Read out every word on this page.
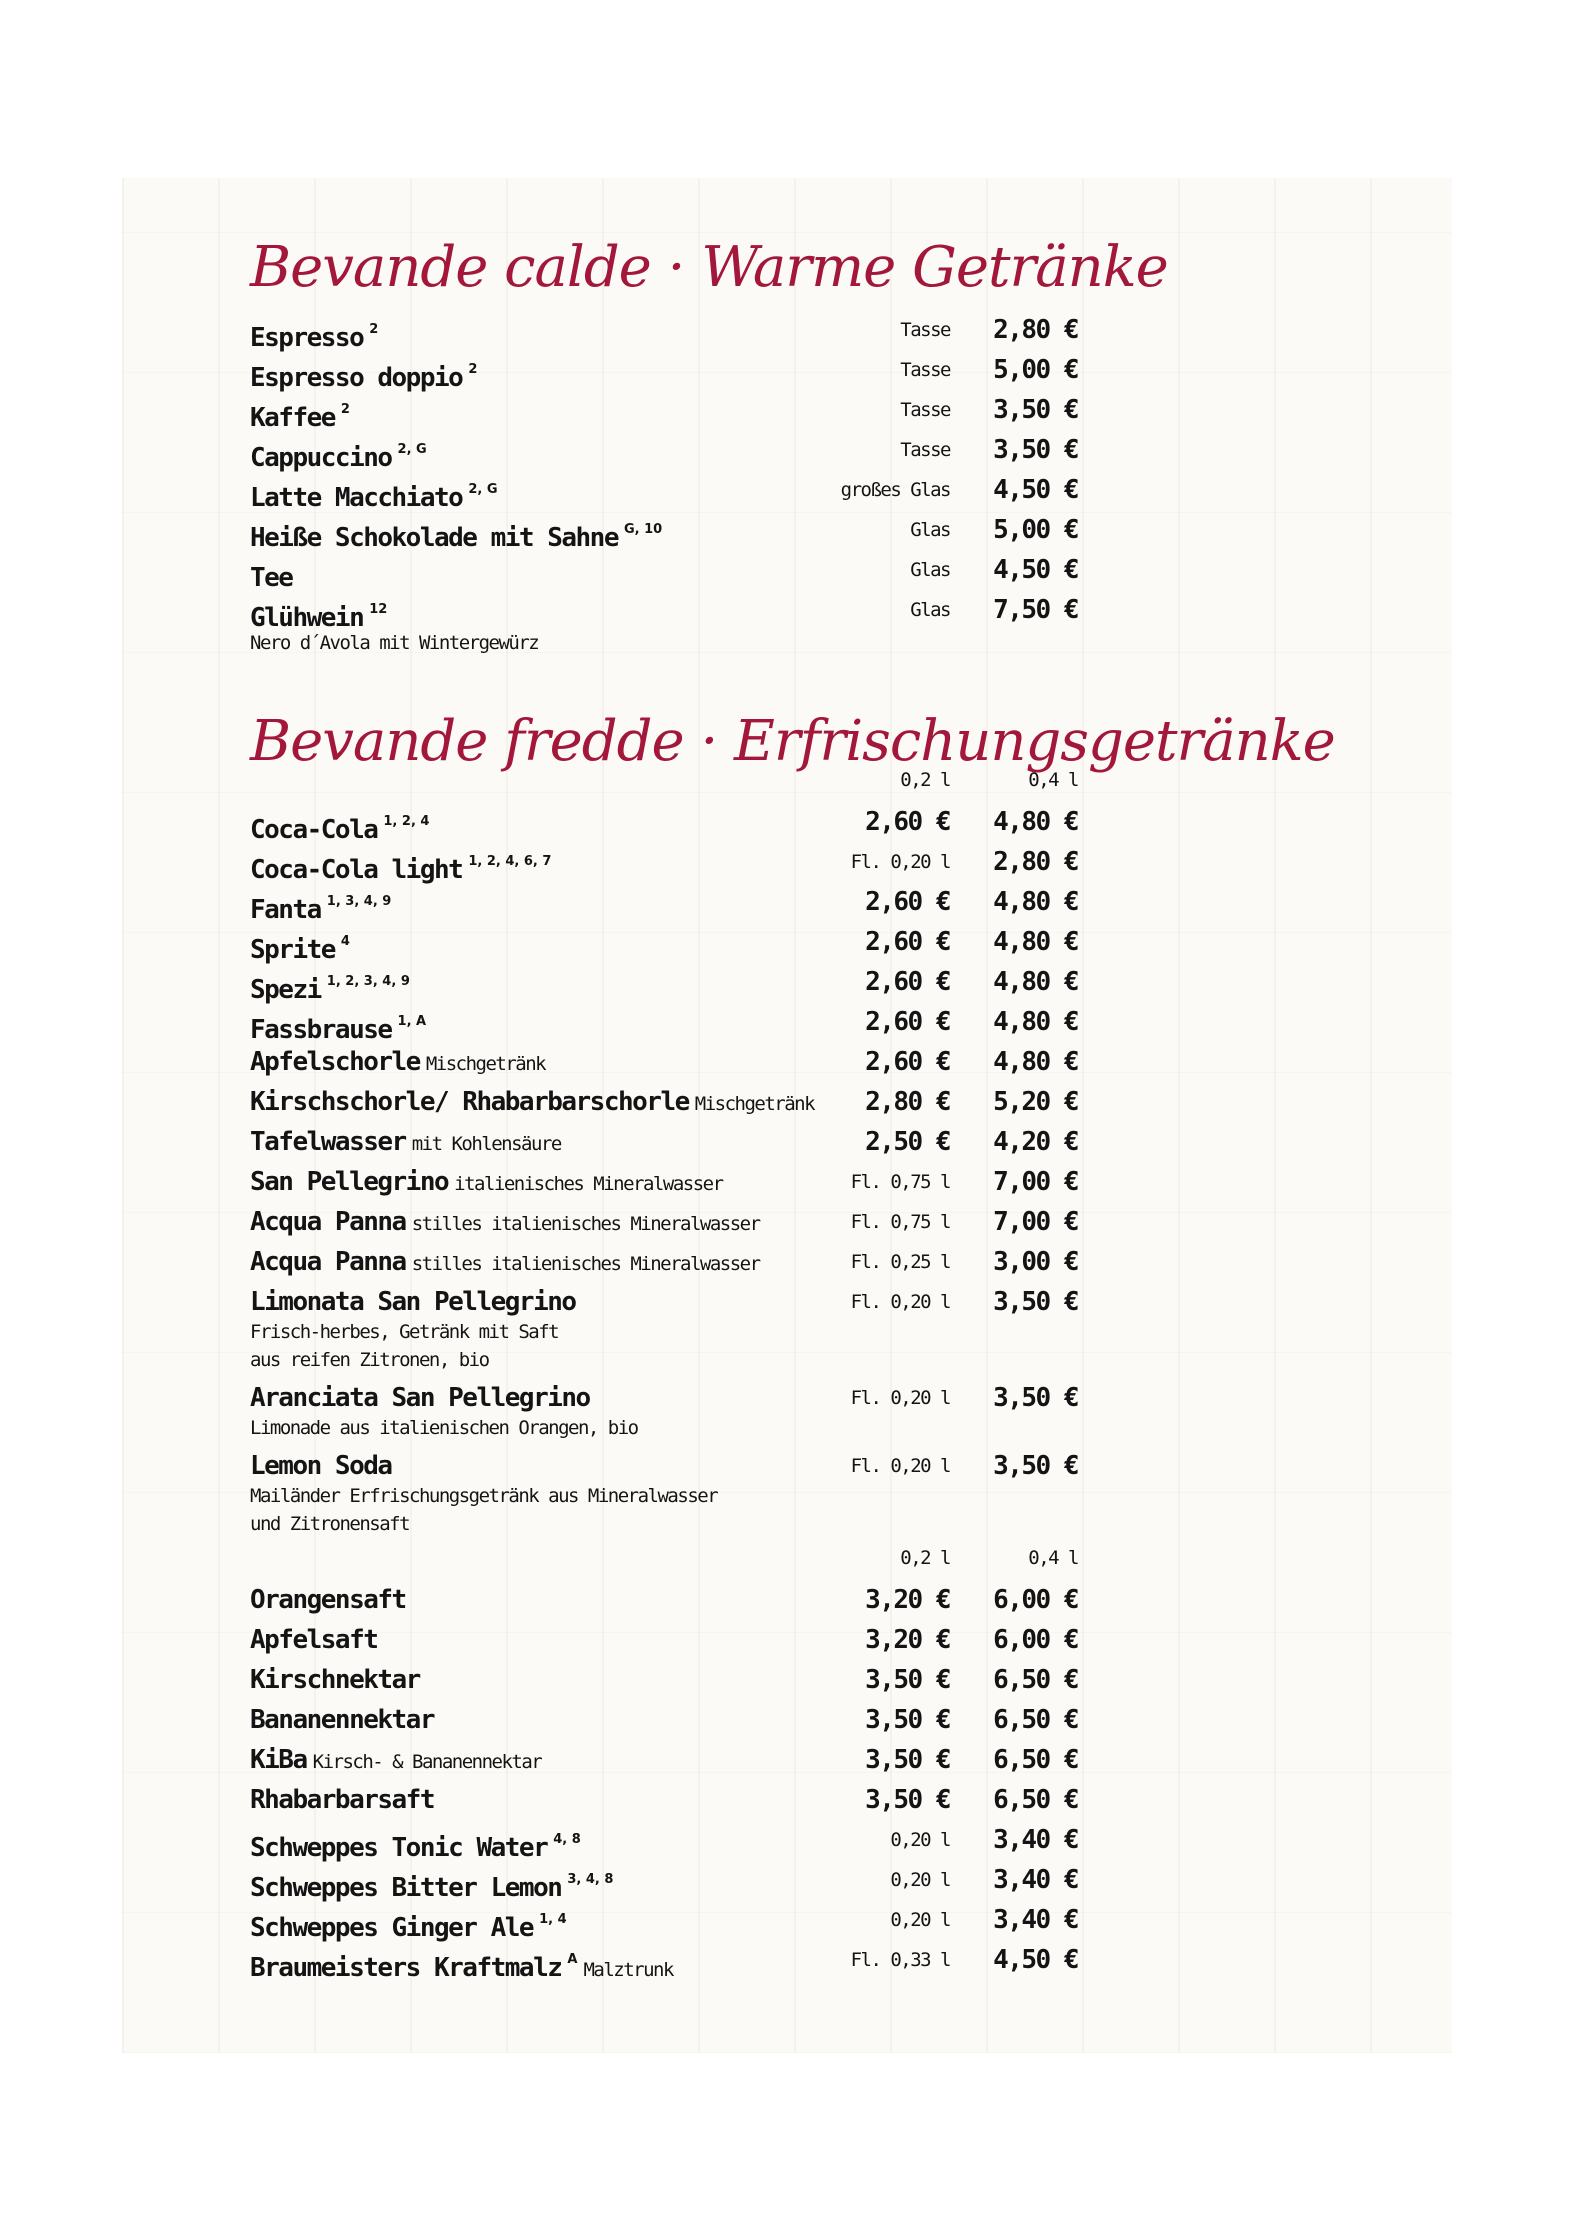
Bevande calde · Warme Getränke
Espresso $^2$	Tasse 2,80 €
Espresso doppio $^2$	Tasse 5,00 €
Kaffee $^2$	Tasse 3,50 €
Cappuccino $^{2, G}$	Tasse 3,50 €
Latte Macchiato $^{2, G}$	großes Glas 4,50 €
Heiße Schokolade mit Sahne $^{G, 10}$	Glas 5,00 €
Tee	Glas 4,50 €
Glühwein $^{12}$	Glas 7,50 €
Nero d´Avola mit Wintergewürz
Bevande fredde · Erfrischungsgetränke
0,2 l	0,4 l
Coca-Cola $^{1, 2, 4}$	2,60 € 4,80 €
Coca-Cola light $^{1, 2, 4, 6, 7}$	Fl. 0,20 l 2,80 €
Fanta $^{1, 3, 4, 9}$	2,60 € 4,80 €
Sprite $^4$	2,60 € 4,80 €
Spezi $^{1, 2, 3, 4, 9}$	2,60 € 4,80 €
Fassbrause $^{1, A}$	2,60 € 4,80 €
Apfelschorle Mischgetränk	2,60 € 4,80 €
Kirschschorle/ Rhabarbarschorle Mischgetränk 2,80 € 5,20 €
Tafelwasser mit Kohlensäure	2,50 € 4,20 €
San Pellegrino italienisches Mineralwasser	Fl. 0,75 l 7,00 €
Acqua Panna stilles italienisches Mineralwasser	Fl. 0,75 l 7,00 €
Acqua Panna stilles italienisches Mineralwasser	Fl. 0,25 l 3,00 €
Limonata San Pellegrino	Fl. 0,20 l 3,50 €
Frisch-herbes, Getränk mit Saft
aus reifen Zitronen, bio
Aranciata San Pellegrino	Fl. 0,20 l 3,50 €
Limonade aus italienischen Orangen, bio
Lemon Soda	Fl. 0,20 l 3,50 €
Mailänder Erfrischungsgetränk aus Mineralwasser
und Zitronensaft
0,2 l	0,4 l
Orangensaft	3,20 € 6,00 €
Apfelsaft	3,20 € 6,00 €
Kirschnektar	3,50 € 6,50 €
Bananennektar	3,50 € 6,50 €
KiBa Kirsch- & Bananennektar	3,50 € 6,50 €
Rhabarbarsaft	3,50 € 6,50 €
Schweppes Tonic Water $^{4, 8}$	0,20 l 3,40 €
Schweppes Bitter Lemon $^{3, 4, 8}$	0,20 l 3,40 €
Schweppes Ginger Ale $^{1, 4}$	0,20 l 3,40 €
Braumeisters Kraftmalz $^A$ Malztrunk	Fl. 0,33 l 4,50 €
